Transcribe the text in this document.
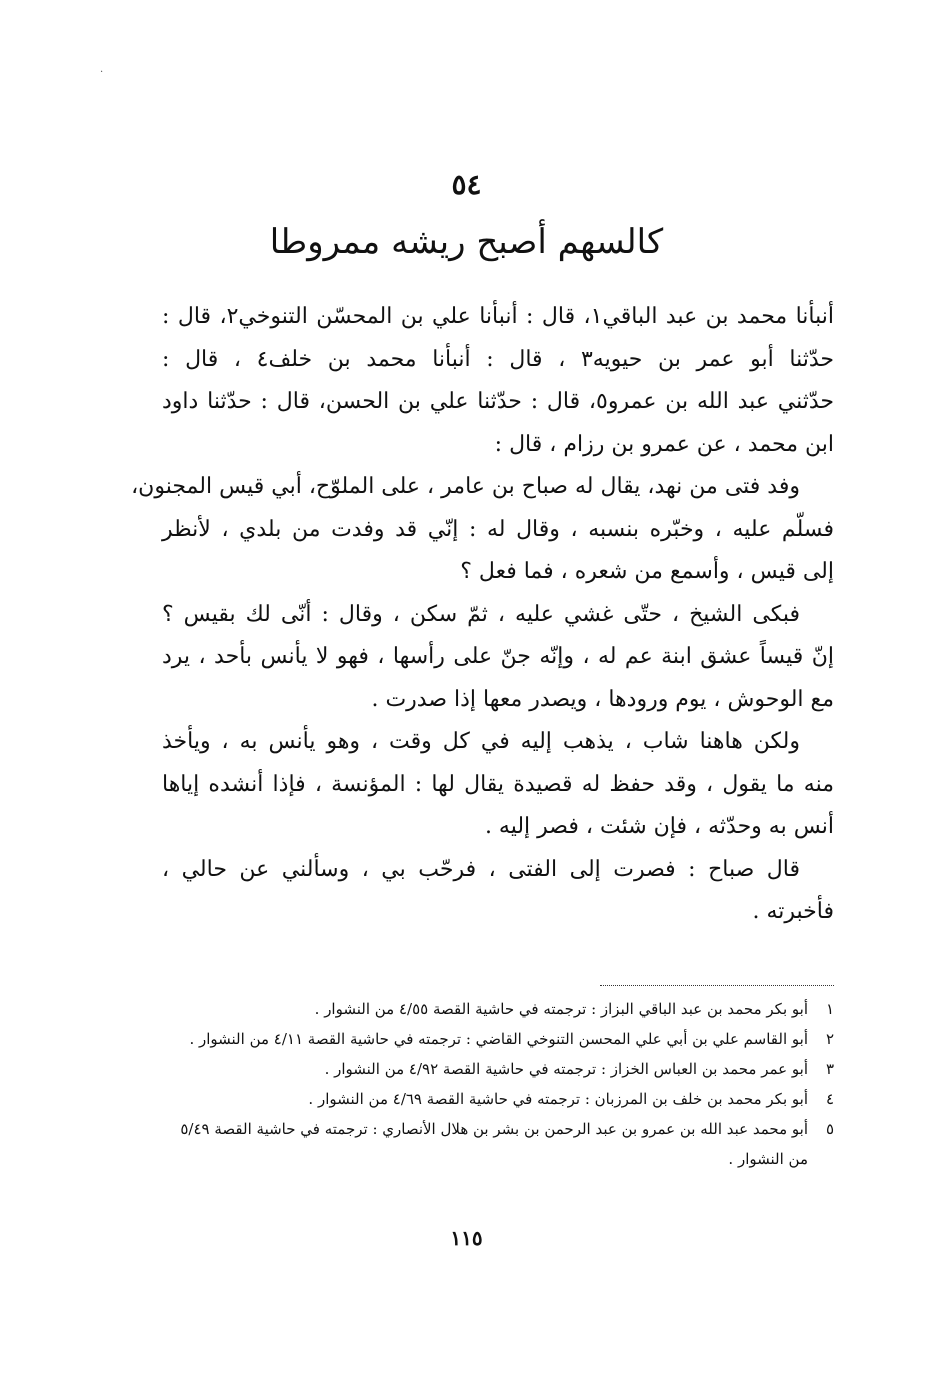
.
٥٤
كالسهم أصبح ريشه ممروطا
أنبأنا محمد بن عبد الباقي١، قال : أنبأنا علي بن المحسّن التنوخي٢، قال :
حدّثنا أبو عمر بن حيويه٣ ، قال : أنبأنا محمد بن خلف٤ ، قال :
حدّثني عبد الله بن عمرو٥، قال : حدّثنا علي بن الحسن، قال : حدّثنا داود
ابن محمد ، عن عمرو بن رزام ، قال :
وفد فتى من نهد، يقال له صباح بن عامر ، على الملوّح، أبي قيس المجنون،
فسلّم عليه ، وخبّره بنسبه ، وقال له : إنّي قد وفدت من بلدي ، لأنظر
إلى قيس ، وأسمع من شعره ، فما فعل ؟
فبكى الشيخ ، حتّى غشي عليه ، ثمّ سكن ، وقال : أنّى لك بقيس ؟
إنّ قيساً عشق ابنة عم له ، وإنّه جنّ على رأسها ، فهو لا يأنس بأحد ، يرد
مع الوحوش ، يوم ورودها ، ويصدر معها إذا صدرت .
ولكن هاهنا شاب ، يذهب إليه في كل وقت ، وهو يأنس به ، ويأخذ
منه ما يقول ، وقد حفظ له قصيدة يقال لها : المؤنسة ، فإذا أنشده إياها
أنس به وحدّثه ، فإن شئت ، فصر إليه .
قال صباح : فصرت إلى الفتى ، فرحّب بي ، وسألني عن حالي ،
فأخبرته .
١
أبو بكر محمد بن عبد الباقي البزاز : ترجمته في حاشية القصة ٤/٥٥ من النشوار .
٢
أبو القاسم علي بن أبي علي المحسن التنوخي القاضي : ترجمته في حاشية القصة ٤/١١ من النشوار .
٣
أبو عمر محمد بن العباس الخزاز : ترجمته في حاشية القصة ٤/٩٢ من النشوار .
٤
أبو بكر محمد بن خلف بن المرزبان : ترجمته في حاشية القصة ٤/٦٩ من النشوار .
٥
أبو محمد عبد الله بن عمرو بن عبد الرحمن بن بشر بن هلال الأنصاري : ترجمته في حاشية القصة ٥/٤٩ من النشوار .
١١٥
